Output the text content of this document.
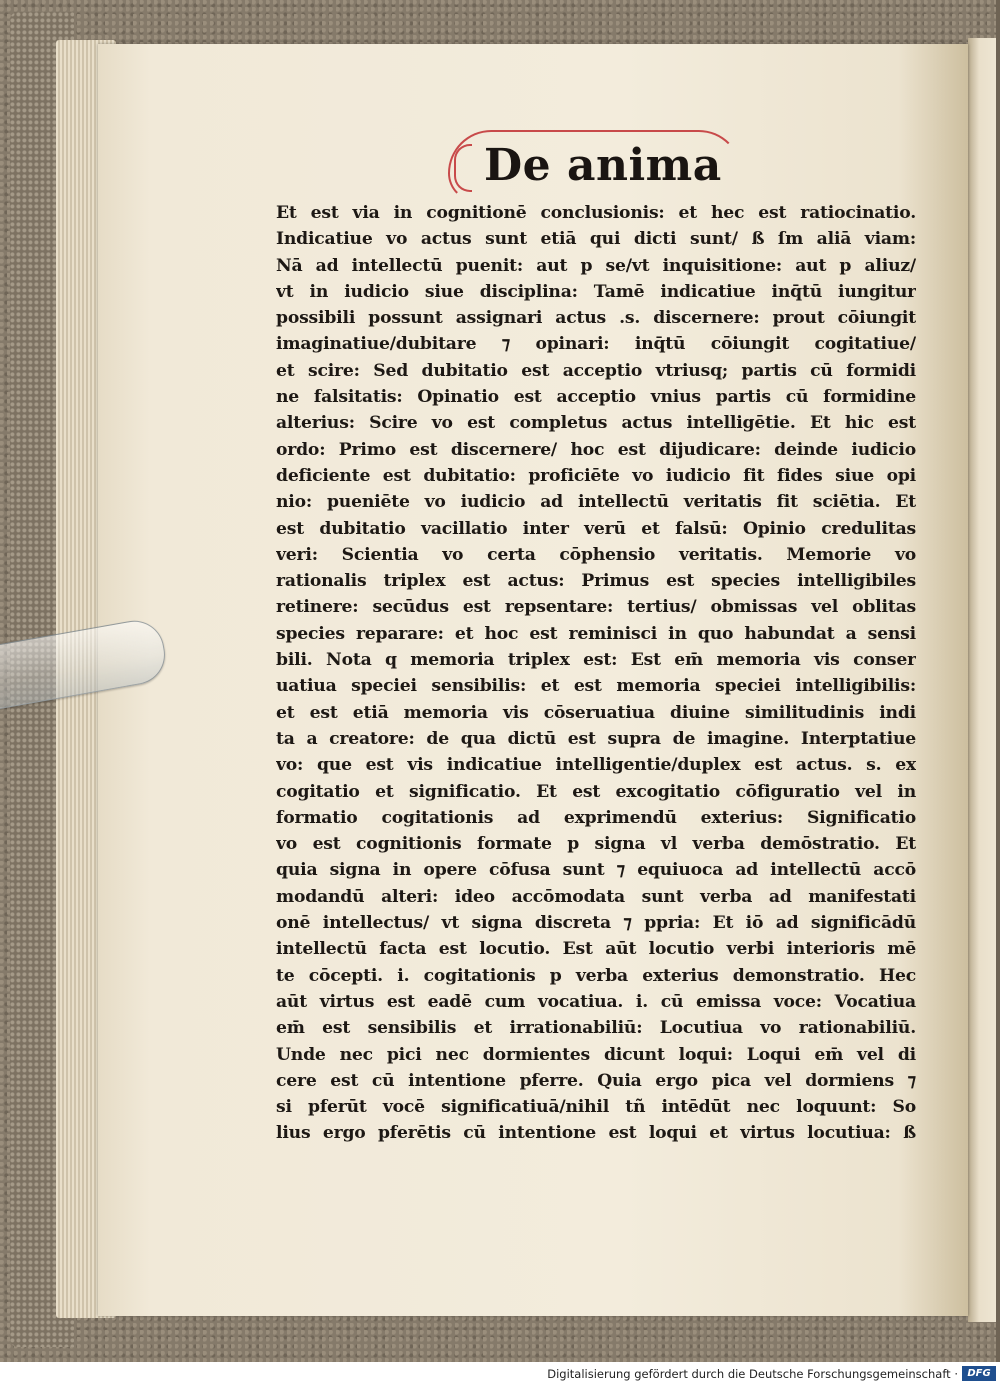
De anima
Et est via in cognitionē conclusionis: et hec est ratiocinatio.
Indicatiue vo actus sunt etiā qui dicti sunt/ ß ſm aliā viam:
Nā ad intellectū puenit: aut p se/vt inquisitione: aut p aliuz/
vt in iudicio siue disciplina: Tamē indicatiue inq̄tū iungitur
possibili possunt assignari actus .s. discernere: prout cōiungit
imaginatiue/dubitare ⁊ opinari: inq̄tū cōiungit cogitatiue/
et scire: Sed dubitatio est acceptio vtriusq; partis cū formidi
ne falsitatis: Opinatio est acceptio vnius partis cū formidine
alterius: Scire vo est completus actus intelligētie. Et hic est
ordo: Primo est discernere/ hoc est dijudicare: deinde iudicio
deficiente est dubitatio: proficiēte vo iudicio fit fides siue opi
nio: pueniēte vo iudicio ad intellectū veritatis fit sciētia. Et
est dubitatio vacillatio inter verū et falsū: Opinio credulitas
veri: Scientia vo certa cōphensio veritatis. Memorie vo
rationalis triplex est actus: Primus est species intelligibiles
retinere: secūdus est repsentare: tertius/ obmissas vel oblitas
species reparare: et hoc est reminisci in quo habundat a sensi
bili. Nota q memoria triplex est: Est em̄ memoria vis conser
uatiua speciei sensibilis: et est memoria speciei intelligibilis:
et est etiā memoria vis cōseruatiua diuine similitudinis indi
ta a creatore: de qua dictū est supra de imagine. Interptatiue
vo: que est vis indicatiue intelligentie/duplex est actus. s. ex
cogitatio et significatio. Et est excogitatio cōfiguratio vel in
formatio cogitationis ad exprimendū exterius: Significatio
vo est cognitionis formate p signa vl verba demōstratio. Et
quia signa in opere cōfusa sunt ⁊ equiuoca ad intellectū accō
modandū alteri: ideo accōmodata sunt verba ad manifestati
onē intellectus/ vt signa discreta ⁊ ppria: Et iō ad significādū
intellectū facta est locutio. Est aūt locutio verbi interioris mē
te cōcepti. i. cogitationis p verba exterius demonstratio. Hec
aūt virtus est eadē cum vocatiua. i. cū emissa voce: Vocatiua
em̄ est sensibilis et irrationabiliū: Locutiua vo rationabiliū.
Unde nec pici nec dormientes dicunt loqui: Loqui em̄ vel di
cere est cū intentione pferre. Quia ergo pica vel dormiens ⁊
si pferūt vocē significatiuā/nihil tñ intēdūt nec loquunt: So
lius ergo pferētis cū intentione est loqui et virtus locutiua: ß
Digitalisierung gefördert durch die Deutsche Forschungsgemeinschaft · DFG
